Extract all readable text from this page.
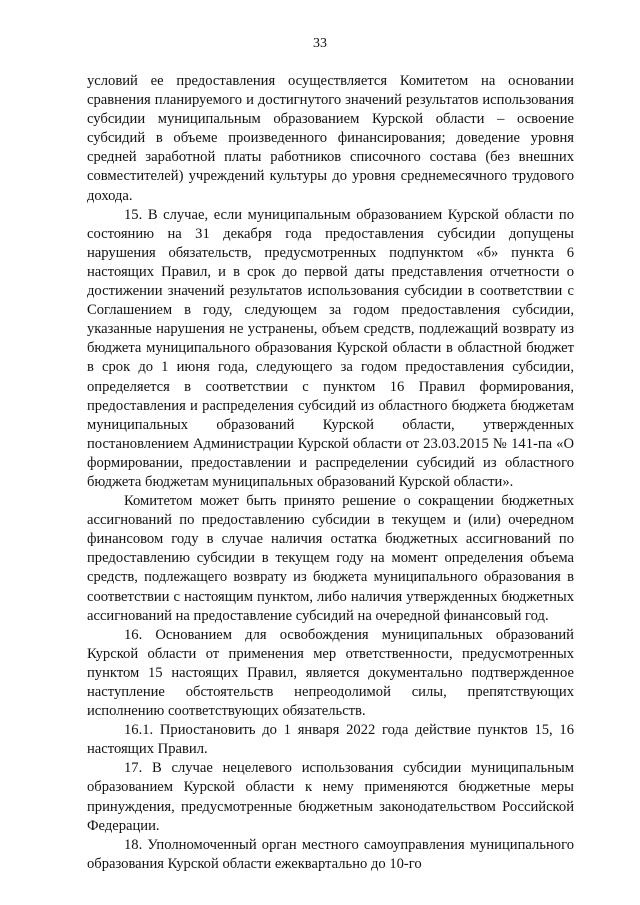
33

условий ее предоставления осуществляется Комитетом на основании сравнения планируемого и достигнутого значений результатов использования субсидии муниципальным образованием Курской области – освоение субсидий в объеме произведенного финансирования; доведение уровня средней заработной платы работников списочного состава (без внешних совместителей) учреждений культуры до уровня среднемесячного трудового дохода.

15. В случае, если муниципальным образованием Курской области по состоянию на 31 декабря года предоставления субсидии допущены нарушения обязательств, предусмотренных подпунктом «б» пункта 6 настоящих Правил, и в срок до первой даты представления отчетности о достижении значений результатов использования субсидии в соответствии с Соглашением в году, следующем за годом предоставления субсидии, указанные нарушения не устранены, объем средств, подлежащий возврату из бюджета муниципального образования Курской области в областной бюджет в срок до 1 июня года, следующего за годом предоставления субсидии, определяется в соответствии с пунктом 16 Правил формирования, предоставления и распределения субсидий из областного бюджета бюджетам муниципальных образований Курской области, утвержденных постановлением Администрации Курской области от 23.03.2015 № 141-па «О формировании, предоставлении и распределении субсидий из областного бюджета бюджетам муниципальных образований Курской области».

Комитетом может быть принято решение о сокращении бюджетных ассигнований по предоставлению субсидии в текущем и (или) очередном финансовом году в случае наличия остатка бюджетных ассигнований по предоставлению субсидии в текущем году на момент определения объема средств, подлежащего возврату из бюджета муниципального образования в соответствии с настоящим пунктом, либо наличия утвержденных бюджетных ассигнований на предоставление субсидий на очередной финансовый год.

16. Основанием для освобождения муниципальных образований Курской области от применения мер ответственности, предусмотренных пунктом 15 настоящих Правил, является документально подтвержденное наступление обстоятельств непреодолимой силы, препятствующих исполнению соответствующих обязательств.

16.1. Приостановить до 1 января 2022 года действие пунктов 15, 16 настоящих Правил.

17. В случае нецелевого использования субсидии муниципальным образованием Курской области к нему применяются бюджетные меры принуждения, предусмотренные бюджетным законодательством Российской Федерации.

18. Уполномоченный орган местного самоуправления муниципального образования Курской области ежеквартально до 10-го
